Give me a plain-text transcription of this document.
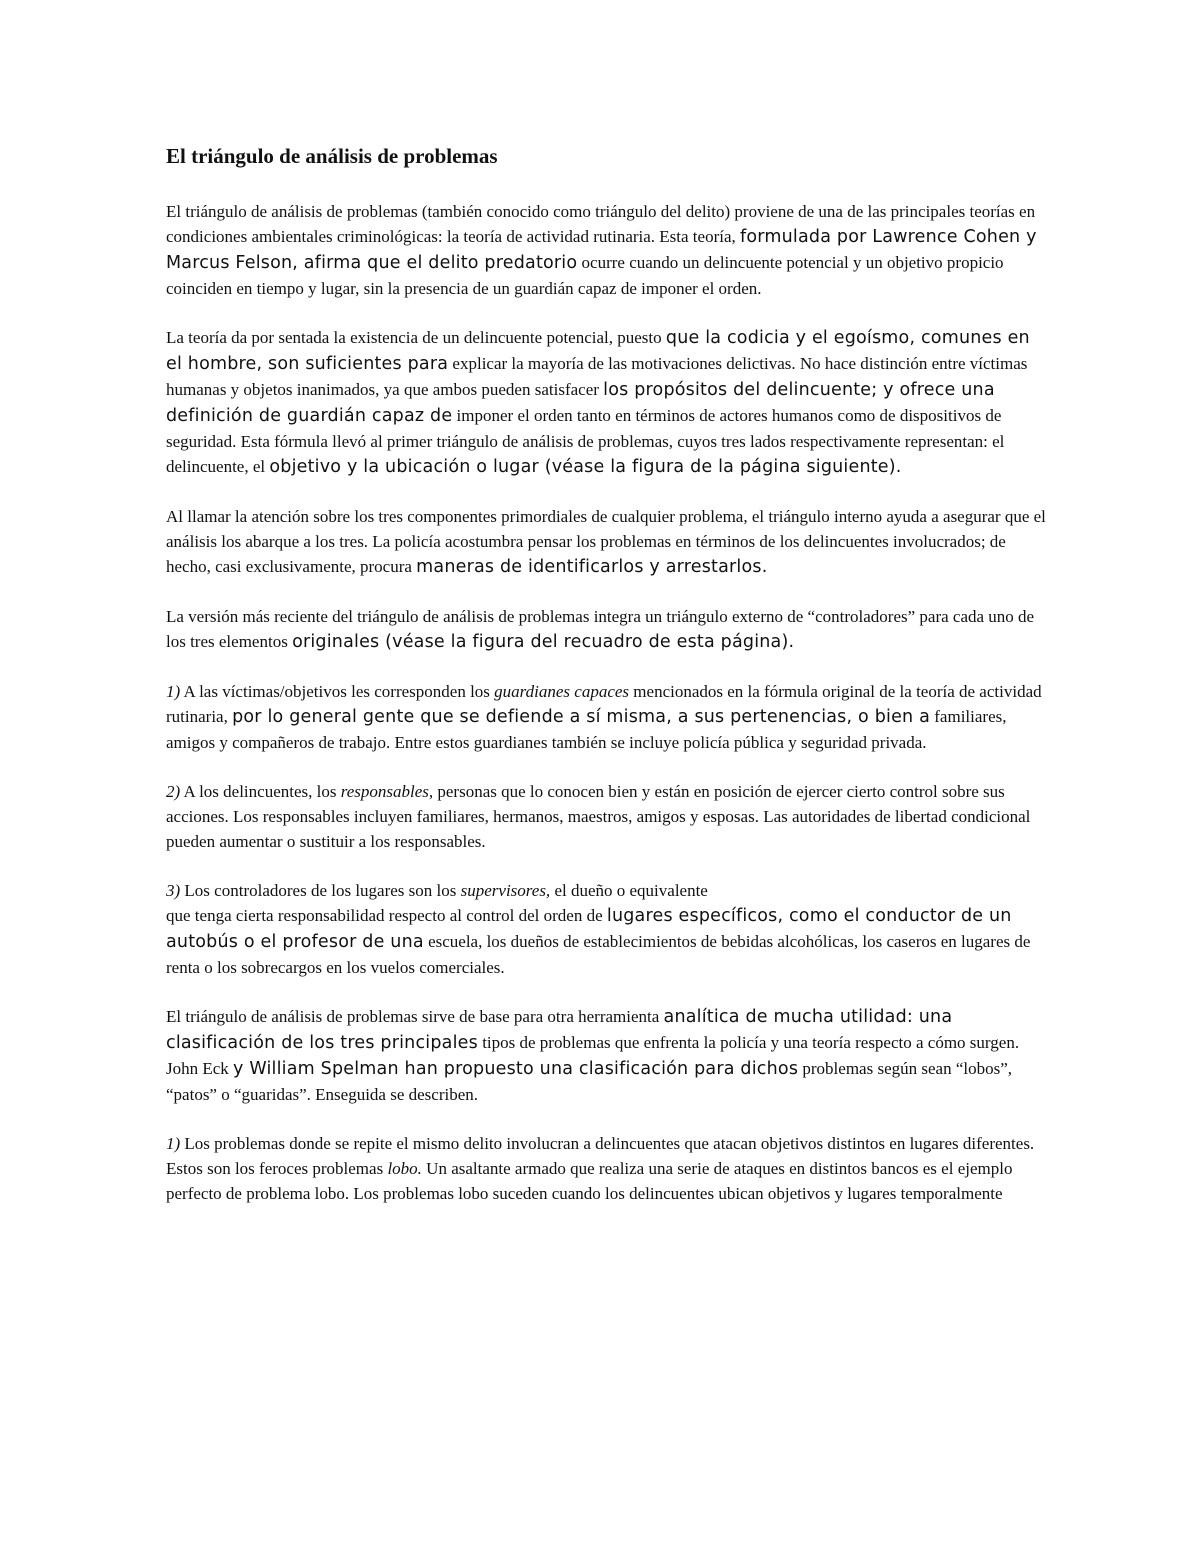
El triángulo de análisis de problemas

El triángulo de análisis de problemas (también conocido como triángulo del delito) proviene de una de las principales teorías en condiciones ambientales criminológicas: la teoría de actividad rutinaria. Esta teoría, formulada por Lawrence Cohen y Marcus Felson, afirma que el delito predatorio ocurre cuando un delincuente potencial y un objetivo propicio coinciden en tiempo y lugar, sin la presencia de un guardián capaz de imponer el orden.

La teoría da por sentada la existencia de un delincuente potencial, puesto que la codicia y el egoísmo, comunes en el hombre, son suficientes para explicar la mayoría de las motivaciones delictivas. No hace distinción entre víctimas humanas y objetos inanimados, ya que ambos pueden satisfacer los propósitos del delincuente; y ofrece una definición de guardián capaz de imponer el orden tanto en términos de actores humanos como de dispositivos de seguridad. Esta fórmula llevó al primer triángulo de análisis de problemas, cuyos tres lados respectivamente representan: el delincuente, el objetivo y la ubicación o lugar (véase la figura de la página siguiente).

Al llamar la atención sobre los tres componentes primordiales de cualquier problema, el triángulo interno ayuda a asegurar que el análisis los abarque a los tres. La policía acostumbra pensar los problemas en términos de los delincuentes involucrados; de hecho, casi exclusivamente, procura maneras de identificarlos y arrestarlos.

La versión más reciente del triángulo de análisis de problemas integra un triángulo externo de “controladores” para cada uno de los tres elementos originales (véase la figura del recuadro de esta página).

1) A las víctimas/objetivos les corresponden los guardianes capaces mencionados en la fórmula original de la teoría de actividad rutinaria, por lo general gente que se defiende a sí misma, a sus pertenencias, o bien a familiares, amigos y compañeros de trabajo. Entre estos guardianes también se incluye policía pública y seguridad privada.

2) A los delincuentes, los responsables, personas que lo conocen bien y están en posición de ejercer cierto control sobre sus acciones. Los responsables incluyen familiares, hermanos, maestros, amigos y esposas. Las autoridades de libertad condicional pueden aumentar o sustituir a los responsables.

3) Los controladores de los lugares son los supervisores, el dueño o equivalente
que tenga cierta responsabilidad respecto al control del orden de lugares específicos, como el conductor de un autobús o el profesor de una escuela, los dueños de establecimientos de bebidas alcohólicas, los caseros en lugares de renta o los sobrecargos en los vuelos comerciales.

El triángulo de análisis de problemas sirve de base para otra herramienta analítica de mucha utilidad: una clasificación de los tres principales tipos de problemas que enfrenta la policía y una teoría respecto a cómo surgen. John Eck y William Spelman han propuesto una clasificación para dichos problemas según sean “lobos”, “patos” o “guaridas”. Enseguida se describen.

1) Los problemas donde se repite el mismo delito involucran a delincuentes que atacan objetivos distintos en lugares diferentes. Estos son los feroces problemas lobo. Un asaltante armado que realiza una serie de ataques en distintos bancos es el ejemplo perfecto de problema lobo. Los problemas lobo suceden cuando los delincuentes ubican objetivos y lugares temporalmente
